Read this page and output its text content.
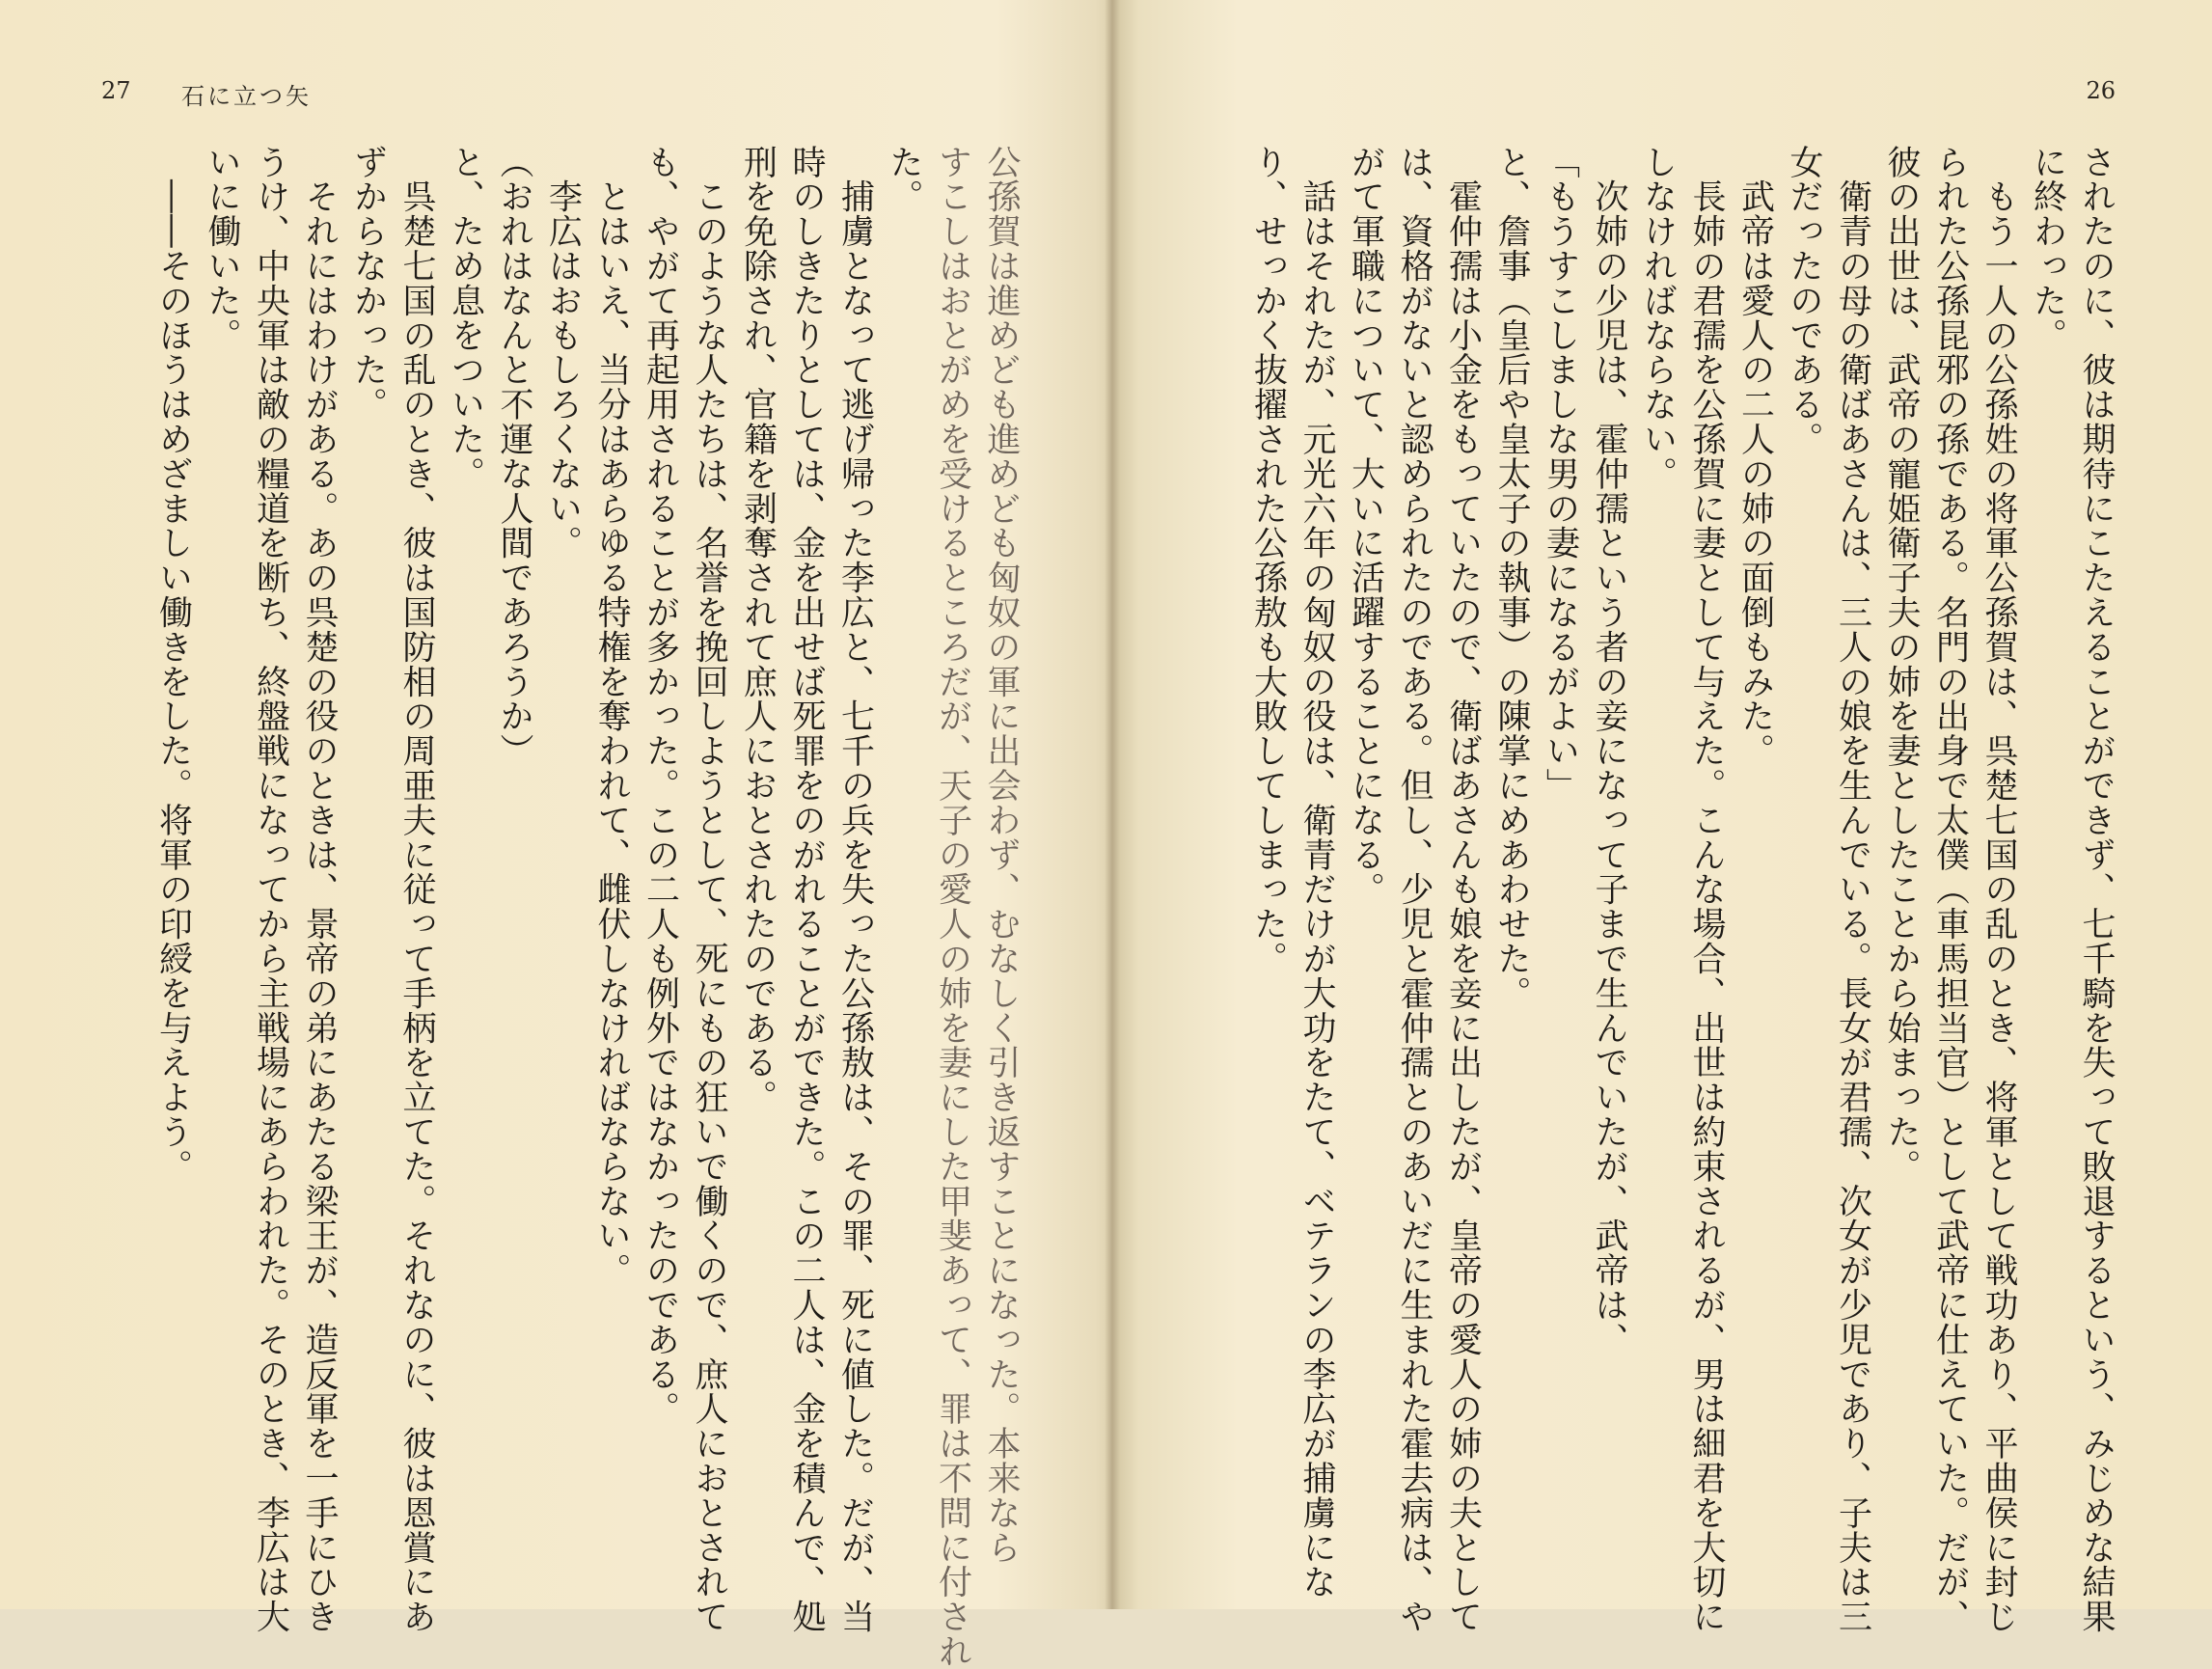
27 石に立つ矢
公孫賀は進めども進めども匈奴の軍に出会わず、むなしく引き返すことになった。本来なら
すこしはおとがめを受けるところだが、天子の愛人の姉を妻にした甲斐あって、罪は不問に付され
た。
　捕虜となって逃げ帰った李広と、七千の兵を失った公孫敖は、その罪、死に値した。だが、当
時のしきたりとしては、金を出せば死罪をのがれることができた。この二人は、金を積んで、処
刑を免除され、官籍を剥奪されて庶人におとされたのである。
　このような人たちは、名誉を挽回しようとして、死にもの狂いで働くので、庶人におとされて
も、やがて再起用されることが多かった。この二人も例外ではなかったのである。
　とはいえ、当分はあらゆる特権を奪われて、雌伏しなければならない。
　李広はおもしろくない。
（おれはなんと不運な人間であろうか）
と、ため息をついた。
　呉楚七国の乱のとき、彼は国防相の周亜夫に従って手柄を立てた。それなのに、彼は恩賞にあ
ずからなかった。
　それにはわけがある。あの呉楚の役のときは、景帝の弟にあたる梁王が、造反軍を一手にひき
うけ、中央軍は敵の糧道を断ち、終盤戦になってから主戦場にあらわれた。そのとき、李広は大
いに働いた。
　――そのほうはめざましい働きをした。将軍の印綬を与えよう。
26
されたのに、彼は期待にこたえることができず、七千騎を失って敗退するという、みじめな結果
に終わった。
　もう一人の公孫姓の将軍公孫賀は、呉楚七国の乱のとき、将軍として戦功あり、平曲侯に封じ
られた公孫昆邪の孫である。名門の出身で太僕（車馬担当官）として武帝に仕えていた。だが、
彼の出世は、武帝の寵姫衛子夫の姉を妻としたことから始まった。
　衛青の母の衛ばあさんは、三人の娘を生んでいる。長女が君孺、次女が少児であり、子夫は三
女だったのである。
　武帝は愛人の二人の姉の面倒もみた。
　長姉の君孺を公孫賀に妻として与えた。こんな場合、出世は約束されるが、男は細君を大切に
しなければならない。
　次姉の少児は、霍仲孺という者の妾になって子まで生んでいたが、武帝は、
「もうすこしましな男の妻になるがよい」
と、詹事（皇后や皇太子の執事）の陳掌にめあわせた。
　霍仲孺は小金をもっていたので、衛ばあさんも娘を妾に出したが、皇帝の愛人の姉の夫として
は、資格がないと認められたのである。但し、少児と霍仲孺とのあいだに生まれた霍去病は、や
がて軍職について、大いに活躍することになる。
　話はそれたが、元光六年の匈奴の役は、衛青だけが大功をたて、ベテランの李広が捕虜にな
り、せっかく抜擢された公孫敖も大敗してしまった。
